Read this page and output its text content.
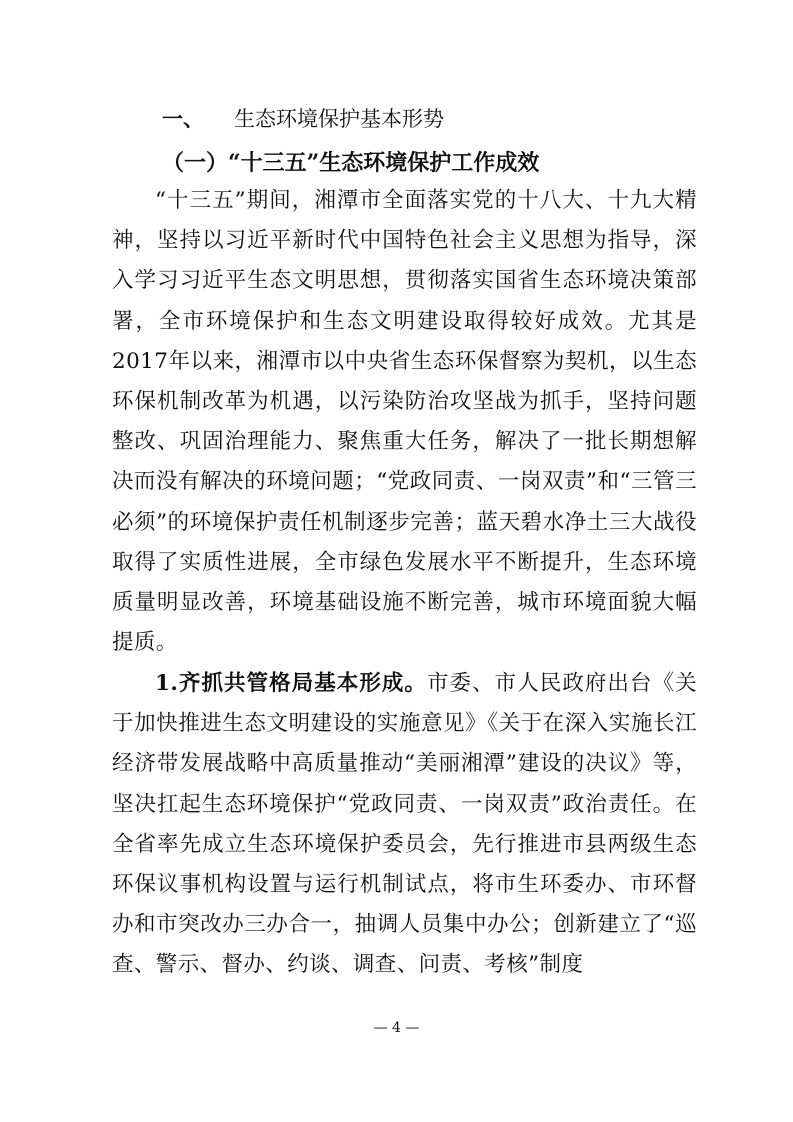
一、 生态环境保护基本形势
（一）“十三五”生态环境保护工作成效

“十三五”期间，湘潭市全面落实党的十八大、十九大精神，坚持以习近平新时代中国特色社会主义思想为指导，深入学习习近平生态文明思想，贯彻落实国省生态环境决策部署，全市环境保护和生态文明建设取得较好成效。尤其是2017年以来，湘潭市以中央省生态环保督察为契机，以生态环保机制改革为机遇，以污染防治攻坚战为抓手，坚持问题整改、巩固治理能力、聚焦重大任务，解决了一批长期想解决而没有解决的环境问题；“党政同责、一岗双责”和“三管三必须”的环境保护责任机制逐步完善；蓝天碧水净土三大战役取得了实质性进展，全市绿色发展水平不断提升，生态环境质量明显改善，环境基础设施不断完善，城市环境面貌大幅提质。

1.齐抓共管格局基本形成。市委、市人民政府出台《关于加快推进生态文明建设的实施意见》《关于在深入实施长江经济带发展战略中高质量推动“美丽湘潭”建设的决议》等，坚决扛起生态环境保护“党政同责、一岗双责”政治责任。在全省率先成立生态环境保护委员会，先行推进市县两级生态环保议事机构设置与运行机制试点，将市生环委办、市环督办和市突改办三办合一，抽调人员集中办公；创新建立了“巡查、警示、督办、约谈、调查、问责、考核”制度

— 4 —
